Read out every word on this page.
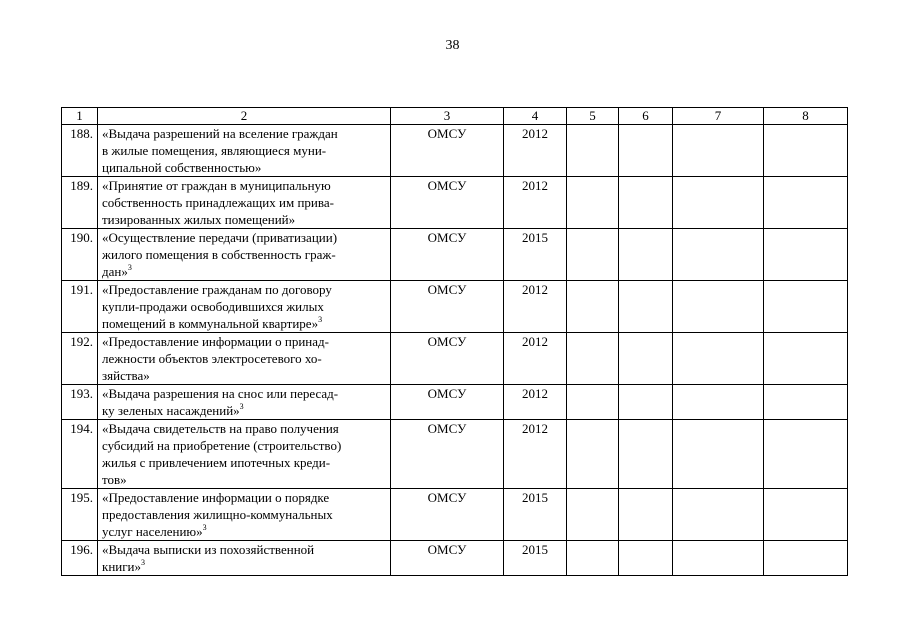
38
1	2	3	4	5	6	7	8
188.	«Выдача разрешений на вселение граждан
в жилые помещения, являющиеся муни-
ципальной собственностью»	ОМСУ	2012				
189.	«Принятие от граждан в муниципальную
собственность принадлежащих им прива-
тизированных жилых помещений»	ОМСУ	2012				
190.	«Осуществление передачи (приватизации)
жилого помещения в собственность граж-
дан»$^3$	ОМСУ	2015				
191.	«Предоставление гражданам по договору
купли-продажи освободившихся жилых
помещений в коммунальной квартире»$^3$	ОМСУ	2012				
192.	«Предоставление информации о принад-
лежности объектов электросетевого хо-
зяйства»	ОМСУ	2012				
193.	«Выдача разрешения на снос или пересад-
ку зеленых насаждений»$^3$	ОМСУ	2012				
194.	«Выдача свидетельств на право получения
субсидий на приобретение (строительство)
жилья с привлечением ипотечных креди-
тов»	ОМСУ	2012				
195.	«Предоставление информации о порядке
предоставления жилищно-коммунальных
услуг населению»$^3$	ОМСУ	2015				
196.	«Выдача выписки из похозяйственной
книги»$^3$	ОМСУ	2015				
